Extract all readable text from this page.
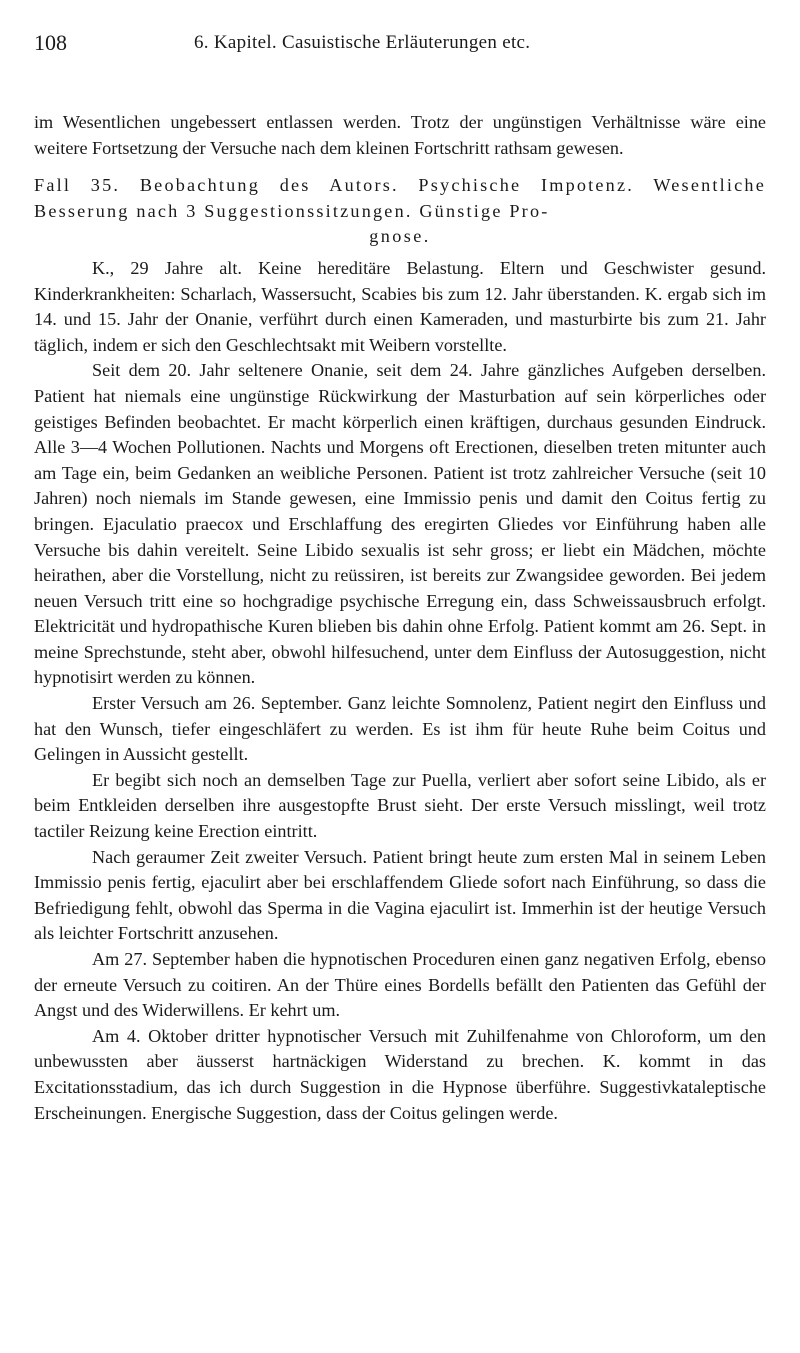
108	6. Kapitel. Casuistische Erläuterungen etc.

im Wesentlichen ungebessert entlassen werden. Trotz der ungünstigen Verhältnisse wäre eine weitere Fortsetzung der Versuche nach dem kleinen Fortschritt rathsam gewesen.

Fall 35. Beobachtung des Autors. Psychische Impotenz. Wesentliche Besserung nach 3 Suggestionssitzungen. Günstige Pro-
gnose.

K., 29 Jahre alt. Keine hereditäre Belastung. Eltern und Geschwister gesund. Kinderkrankheiten: Scharlach, Wassersucht, Scabies bis zum 12. Jahr überstanden. K. ergab sich im 14. und 15. Jahr der Onanie, verführt durch einen Kameraden, und masturbirte bis zum 21. Jahr täglich, indem er sich den Geschlechtsakt mit Weibern vorstellte.

Seit dem 20. Jahr seltenere Onanie, seit dem 24. Jahre gänzliches Aufgeben derselben. Patient hat niemals eine ungünstige Rückwirkung der Masturbation auf sein körperliches oder geistiges Befinden beobachtet. Er macht körperlich einen kräftigen, durchaus gesunden Eindruck. Alle 3—4 Wochen Pollutionen. Nachts und Morgens oft Erectionen, dieselben treten mitunter auch am Tage ein, beim Gedanken an weibliche Personen. Patient ist trotz zahlreicher Versuche (seit 10 Jahren) noch niemals im Stande gewesen, eine Immissio penis und damit den Coitus fertig zu bringen. Ejaculatio praecox und Erschlaffung des eregirten Gliedes vor Einführung haben alle Versuche bis dahin vereitelt. Seine Libido sexualis ist sehr gross; er liebt ein Mädchen, möchte heirathen, aber die Vorstellung, nicht zu reüssiren, ist bereits zur Zwangsidee geworden. Bei jedem neuen Versuch tritt eine so hochgradige psychische Erregung ein, dass Schweissausbruch erfolgt. Elektricität und hydropathische Kuren blieben bis dahin ohne Erfolg. Patient kommt am 26. Sept. in meine Sprechstunde, steht aber, obwohl hilfesuchend, unter dem Einfluss der Autosuggestion, nicht hypnotisirt werden zu können.

Erster Versuch am 26. September. Ganz leichte Somnolenz, Patient negirt den Einfluss und hat den Wunsch, tiefer eingeschläfert zu werden. Es ist ihm für heute Ruhe beim Coitus und Gelingen in Aussicht gestellt.

Er begibt sich noch an demselben Tage zur Puella, verliert aber sofort seine Libido, als er beim Entkleiden derselben ihre ausgestopfte Brust sieht. Der erste Versuch misslingt, weil trotz tactiler Reizung keine Erection eintritt.

Nach geraumer Zeit zweiter Versuch. Patient bringt heute zum ersten Mal in seinem Leben Immissio penis fertig, ejaculirt aber bei erschlaffendem Gliede sofort nach Einführung, so dass die Befriedigung fehlt, obwohl das Sperma in die Vagina ejaculirt ist. Immerhin ist der heutige Versuch als leichter Fortschritt anzusehen.

Am 27. September haben die hypnotischen Proceduren einen ganz negativen Erfolg, ebenso der erneute Versuch zu coitiren. An der Thüre eines Bordells befällt den Patienten das Gefühl der Angst und des Widerwillens. Er kehrt um.

Am 4. Oktober dritter hypnotischer Versuch mit Zuhilfenahme von Chloroform, um den unbewussten aber äusserst hartnäckigen Widerstand zu brechen. K. kommt in das Excitationsstadium, das ich durch Suggestion in die Hypnose überführe. Suggestivkataleptische Erscheinungen. Energische Suggestion, dass der Coitus gelingen werde.
